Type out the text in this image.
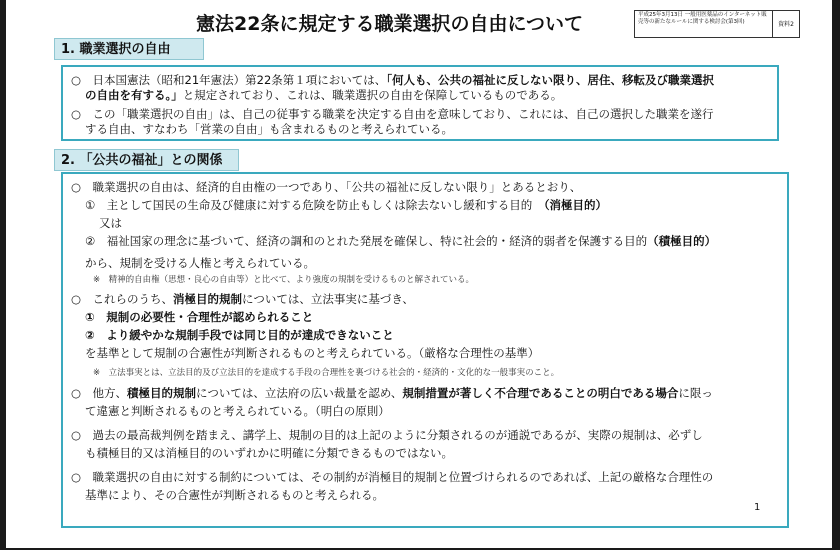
憲法22条に規定する職業選択の自由について	平成25年3月13日 一般用医薬品のインターネット販売等の新たなルールに関する検討会(第3回)	資料2
1. 職業選択の自由
○　日本国憲法（昭和21年憲法）第22条第１項においては、「何人も、公共の福祉に反しない限り、居住、移転及び職業選択
の自由を有する。」と規定されており、これは、職業選択の自由を保障しているものである。
○　この「職業選択の自由」は、自己の従事する職業を決定する自由を意味しており、これには、自己の選択した職業を遂行
する自由、すなわち「営業の自由」も含まれるものと考えられている。
2. 「公共の福祉」との関係
○　職業選択の自由は、経済的自由権の一つであり、「公共の福祉に反しない限り」とあるとおり、
①　主として国民の生命及び健康に対する危険を防止もしくは除去ないし緩和する目的　（消極目的）
又は
②　福祉国家の理念に基づいて、経済の調和のとれた発展を確保し、特に社会的・経済的弱者を保護する目的（積極目的）
から、規制を受ける人権と考えられている。
※　精神的自由権（思想・良心の自由等）と比べて、より強度の規制を受けるものと解されている。
○　これらのうち、消極目的規制については、立法事実に基づき、
①　規制の必要性・合理性が認められること
②　より緩やかな規制手段では同じ目的が達成できないこと
を基準として規制の合憲性が判断されるものと考えられている。（厳格な合理性の基準）
※　立法事実とは、立法目的及び立法目的を達成する手段の合理性を裏づける社会的・経済的・文化的な一般事実のこと。
○　他方、積極目的規制については、立法府の広い裁量を認め、規制措置が著しく不合理であることの明白である場合に限っ
て違憲と判断されるものと考えられている。（明白の原則）
○　過去の最高裁判例を踏まえ、講学上、規制の目的は上記のように分類されるのが通説であるが、実際の規制は、必ずし
も積極目的又は消極目的のいずれかに明確に分類できるものではない。
○　職業選択の自由に対する制約については、その制約が消極目的規制と位置づけられるのであれば、上記の厳格な合理性の
基準により、その合憲性が判断されるものと考えられる。
1
